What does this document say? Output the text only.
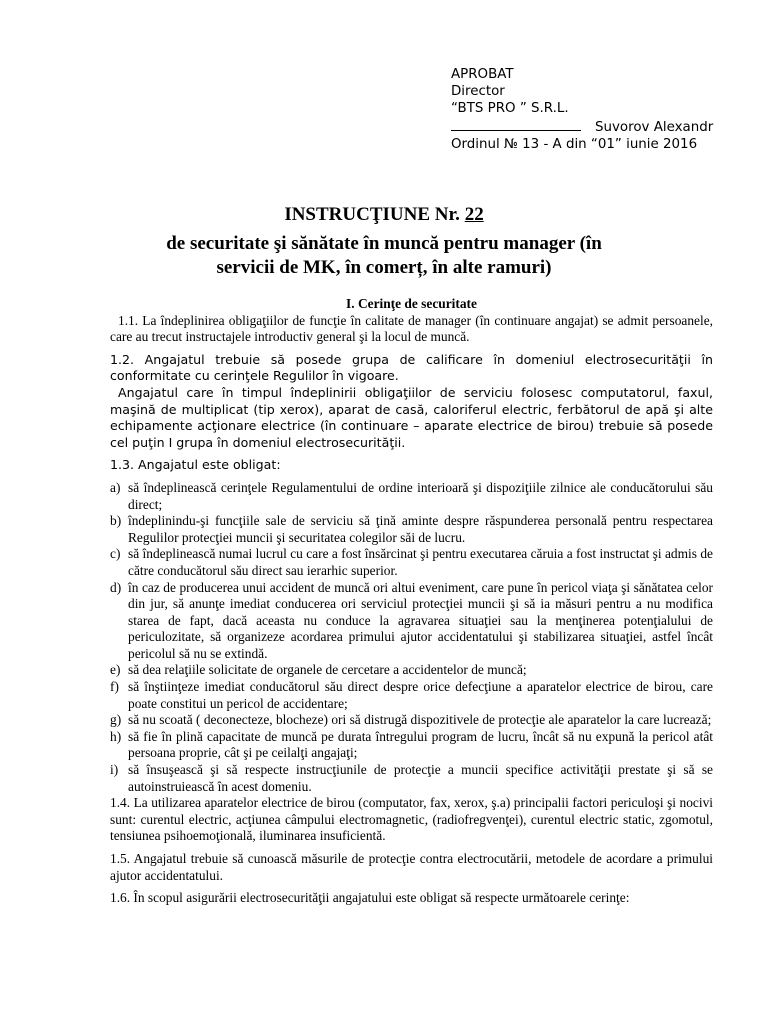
APROBAT
Director
“BTS PRO ” S.R.L.
Suvorov Alexandr
Ordinul № 13 - A din “01” iunie 2016
INSTRUCŢIUNE Nr. 22
de securitate şi sănătate în muncă pentru manager (în servicii de MK, în comerț, în alte ramuri)

I. Cerinţe de securitate

1.1. La îndeplinirea obligaţiilor de funcţie în calitate de manager (în continuare angajat) se admit persoanele, care au trecut instructajele introductiv general şi la locul de muncă.

1.2. Angajatul trebuie să posede grupa de calificare în domeniul electrosecurităţii în conformitate cu cerinţele Regulilor în vigoare.

Angajatul care în timpul îndeplinirii obligaţiilor de serviciu folosesc computatorul, faxul, maşină de multiplicat (tip xerox), aparat de casă, caloriferul electric, ferbătorul de apă şi alte echipamente acţionare electrice (în continuare – aparate electrice de birou) trebuie să posede cel puţin I grupa în domeniul electrosecurităţii.

1.3. Angajatul este obligat:

a) să îndeplinească cerinţele Regulamentului de ordine interioară şi dispoziţiile zilnice ale conducătorului său direct;
b) îndeplinindu-şi funcţiile sale de serviciu să ţină aminte despre răspunderea personală pentru respectarea Regulilor protecţiei muncii şi securitatea colegilor săi de lucru.
c) să îndeplinească numai lucrul cu care a fost însărcinat şi pentru executarea căruia a fost instructat şi admis de către conducătorul său direct sau ierarhic superior.
d) în caz de producerea unui accident de muncă ori altui eveniment, care pune în pericol viaţa şi sănătatea celor din jur, să anunţe imediat conducerea ori serviciul protecţiei muncii şi să ia măsuri pentru a nu modifica starea de fapt, dacă aceasta nu conduce la agravarea situaţiei sau la menţinerea potenţialului de periculozitate, să organizeze acordarea primului ajutor accidentatului şi stabilizarea situaţiei, astfel încât pericolul să nu se extindă.
e) să dea relaţiile solicitate de organele de cercetare a accidentelor de muncă;
f) să înştiinţeze imediat conducătorul său direct despre orice defecţiune a aparatelor electrice de birou, care poate constitui un pericol de accidentare;
g) să nu scoată ( deconecteze, blocheze) ori să distrugă dispozitivele de protecţie ale aparatelor la care lucrează;
h) să fie în plină capacitate de muncă pe durata întregului program de lucru, încât să nu expună la pericol atât persoana proprie, cât şi pe ceilalţi angajaţi;
i) să însuşească şi să respecte instrucţiunile de protecţie a muncii specifice activităţii prestate şi să se autoinstruiească în acest domeniu.

1.4. La utilizarea aparatelor electrice de birou (computator, fax, xerox, ş.a) principalii factori periculoşi şi nocivi sunt: curentul electric, acţiunea câmpului electromagnetic, (radiofregvenţei), curentul electric static, zgomotul, tensiunea psihoemoţională, iluminarea insuficientă.

1.5. Angajatul trebuie să cunoască măsurile de protecţie contra electrocutării, metodele de acordare a primului ajutor accidentatului.

1.6. În scopul asigurării electrosecurităţii angajatului este obligat să respecte următoarele cerinţe:
